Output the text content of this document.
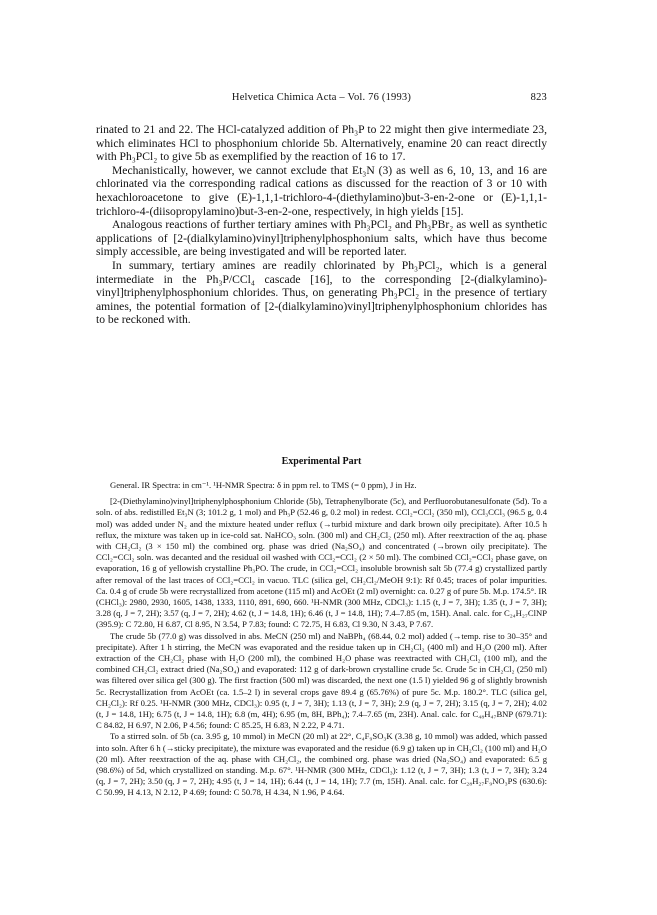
Helvetica Chimica Acta – Vol. 76 (1993)	823

rinated to 21 and 22. The HCl-catalyzed addition of Ph₃P to 22 might then give intermediate 23, which eliminates HCl to phosphonium chloride 5b. Alternatively, enamine 20 can react directly with Ph₃PCl₂ to give 5b as exemplified by the reaction of 16 to 17.

Mechanistically, however, we cannot exclude that Et₃N (3) as well as 6, 10, 13, and 16 are chlorinated via the corresponding radical cations as discussed for the reaction of 3 or 10 with hexachloroacetone to give (E)-1,1,1-trichloro-4-(diethylamino)but-3-en-2-one or (E)-1,1,1-trichloro-4-(diisopropylamino)but-3-en-2-one, respectively, in high yields [15].

Analogous reactions of further tertiary amines with Ph₃PCl₂ and Ph₃PBr₂ as well as synthetic applications of [2-(dialkylamino)vinyl]triphenylphosphonium salts, which have thus become simply accessible, are being investigated and will be reported later.

In summary, tertiary amines are readily chlorinated by Ph₃PCl₂, which is a general intermediate in the Ph₃P/CCl₄ cascade [16], to the corresponding [2-(dialkylamino)-vinyl]triphenylphosphonium chlorides. Thus, on generating Ph₃PCl₂ in the presence of tertiary amines, the potential formation of [2-(dialkylamino)vinyl]triphenylphosphonium chlorides has to be reckoned with.

Experimental Part

General. IR Spectra: in cm⁻¹. ¹H-NMR Spectra: δ in ppm rel. to TMS (= 0 ppm), J in Hz.

[2-(Diethylamino)vinyl]triphenylphosphonium Chloride (5b), Tetraphenylborate (5c), and Perfluorobutanesulfonate (5d). To a soln. of abs. redistilled Et₃N (3; 101.2 g, 1 mol) and Ph₃P (52.46 g, 0.2 mol) in redest. CCl₂=CCl₂ (350 ml), CCl₃CCl₃ (96.5 g, 0.4 mol) was added under N₂ and the mixture heated under reflux (→turbid mixture and dark brown oily precipitate). After 10.5 h reflux, the mixture was taken up in ice-cold sat. NaHCO₃ soln. (300 ml) and CH₂Cl₂ (250 ml). After reextraction of the aq. phase with CH₂Cl₂ (3 × 150 ml) the combined org. phase was dried (Na₂SO₄) and concentrated (→brown oily precipitate). The CCl₂=CCl₂ soln. was decanted and the residual oil washed with CCl₂=CCl₂ (2 × 50 ml). The combined CCl₂=CCl₂ phase gave, on evaporation, 16 g of yellowish crystalline Ph₃PO. The crude, in CCl₂=CCl₂ insoluble brownish salt 5b (77.4 g) crystallized partly after removal of the last traces of CCl₂=CCl₂ in vacuo. TLC (silica gel, CH₂Cl₂/MeOH 9:1): Rf 0.45; traces of polar impurities. Ca. 0.4 g of crude 5b were recrystallized from acetone (115 ml) and AcOEt (2 ml) overnight: ca. 0.27 g of pure 5b. M.p. 174.5°. IR (CHCl₃): 2980, 2930, 1605, 1438, 1333, 1110, 891, 690, 660. ¹H-NMR (300 MHz, CDCl₃): 1.15 (t, J = 7, 3H); 1.35 (t, J = 7, 3H); 3.28 (q, J = 7, 2H); 3.57 (q, J = 7, 2H); 4.62 (t, J = 14.8, 1H); 6.46 (t, J = 14.8, 1H); 7.4–7.85 (m, 15H). Anal. calc. for C₂₄H₂₇ClNP (395.9): C 72.80, H 6.87, Cl 8.95, N 3.54, P 7.83; found: C 72.75, H 6.83, Cl 9.30, N 3.43, P 7.67.

The crude 5b (77.0 g) was dissolved in abs. MeCN (250 ml) and NaBPh₄ (68.44, 0.2 mol) added (→temp. rise to 30–35° and precipitate). After 1 h stirring, the MeCN was evaporated and the residue taken up in CH₂Cl₂ (400 ml) and H₂O (200 ml). After extraction of the CH₂Cl₂ phase with H₂O (200 ml), the combined H₂O phase was reextracted with CH₂Cl₂ (100 ml), and the combined CH₂Cl₂ extract dried (Na₂SO₄) and evaporated: 112 g of dark-brown crystalline crude 5c. Crude 5c in CH₂Cl₂ (250 ml) was filtered over silica gel (300 g). The first fraction (500 ml) was discarded, the next one (1.5 l) yielded 96 g of slightly brownish 5c. Recrystallization from AcOEt (ca. 1.5–2 l) in several crops gave 89.4 g (65.76%) of pure 5c. M.p. 180.2°. TLC (silica gel, CH₂Cl₂): Rf 0.25. ¹H-NMR (300 MHz, CDCl₃): 0.95 (t, J = 7, 3H); 1.13 (t, J = 7, 3H); 2.9 (q, J = 7, 2H); 3.15 (q, J = 7, 2H); 4.02 (t, J = 14.8, 1H); 6.75 (t, J = 14.8, 1H); 6.8 (m, 4H); 6.95 (m, 8H, BPh₄); 7.4–7.65 (m, 23H). Anal. calc. for C₄₈H₄₇BNP (679.71): C 84.82, H 6.97, N 2.06, P 4.56; found: C 85.25, H 6.83, N 2.22, P 4.71.

To a stirred soln. of 5b (ca. 3.95 g, 10 mmol) in MeCN (20 ml) at 22°, C₄F₉SO₃K (3.38 g, 10 mmol) was added, which passed into soln. After 6 h (→sticky precipitate), the mixture was evaporated and the residue (6.9 g) taken up in CH₂Cl₂ (100 ml) and H₂O (20 ml). After reextraction of the aq. phase with CH₂Cl₂, the combined org. phase was dried (Na₂SO₄) and evaporated: 6.5 g (98.6%) of 5d, which crystallized on standing. M.p. 67°. ¹H-NMR (300 MHz, CDCl₃): 1.12 (t, J = 7, 3H); 1.3 (t, J = 7, 3H); 3.24 (q, J = 7, 2H); 3.50 (q, J = 7, 2H); 4.95 (t, J = 14, 1H); 6.44 (t, J = 14, 1H); 7.7 (m, 15H). Anal. calc. for C₂₈H₂₇F₉NO₃PS (630.6): C 50.99, H 4.13, N 2.12, P 4.69; found: C 50.78, H 4.34, N 1.96, P 4.64.
